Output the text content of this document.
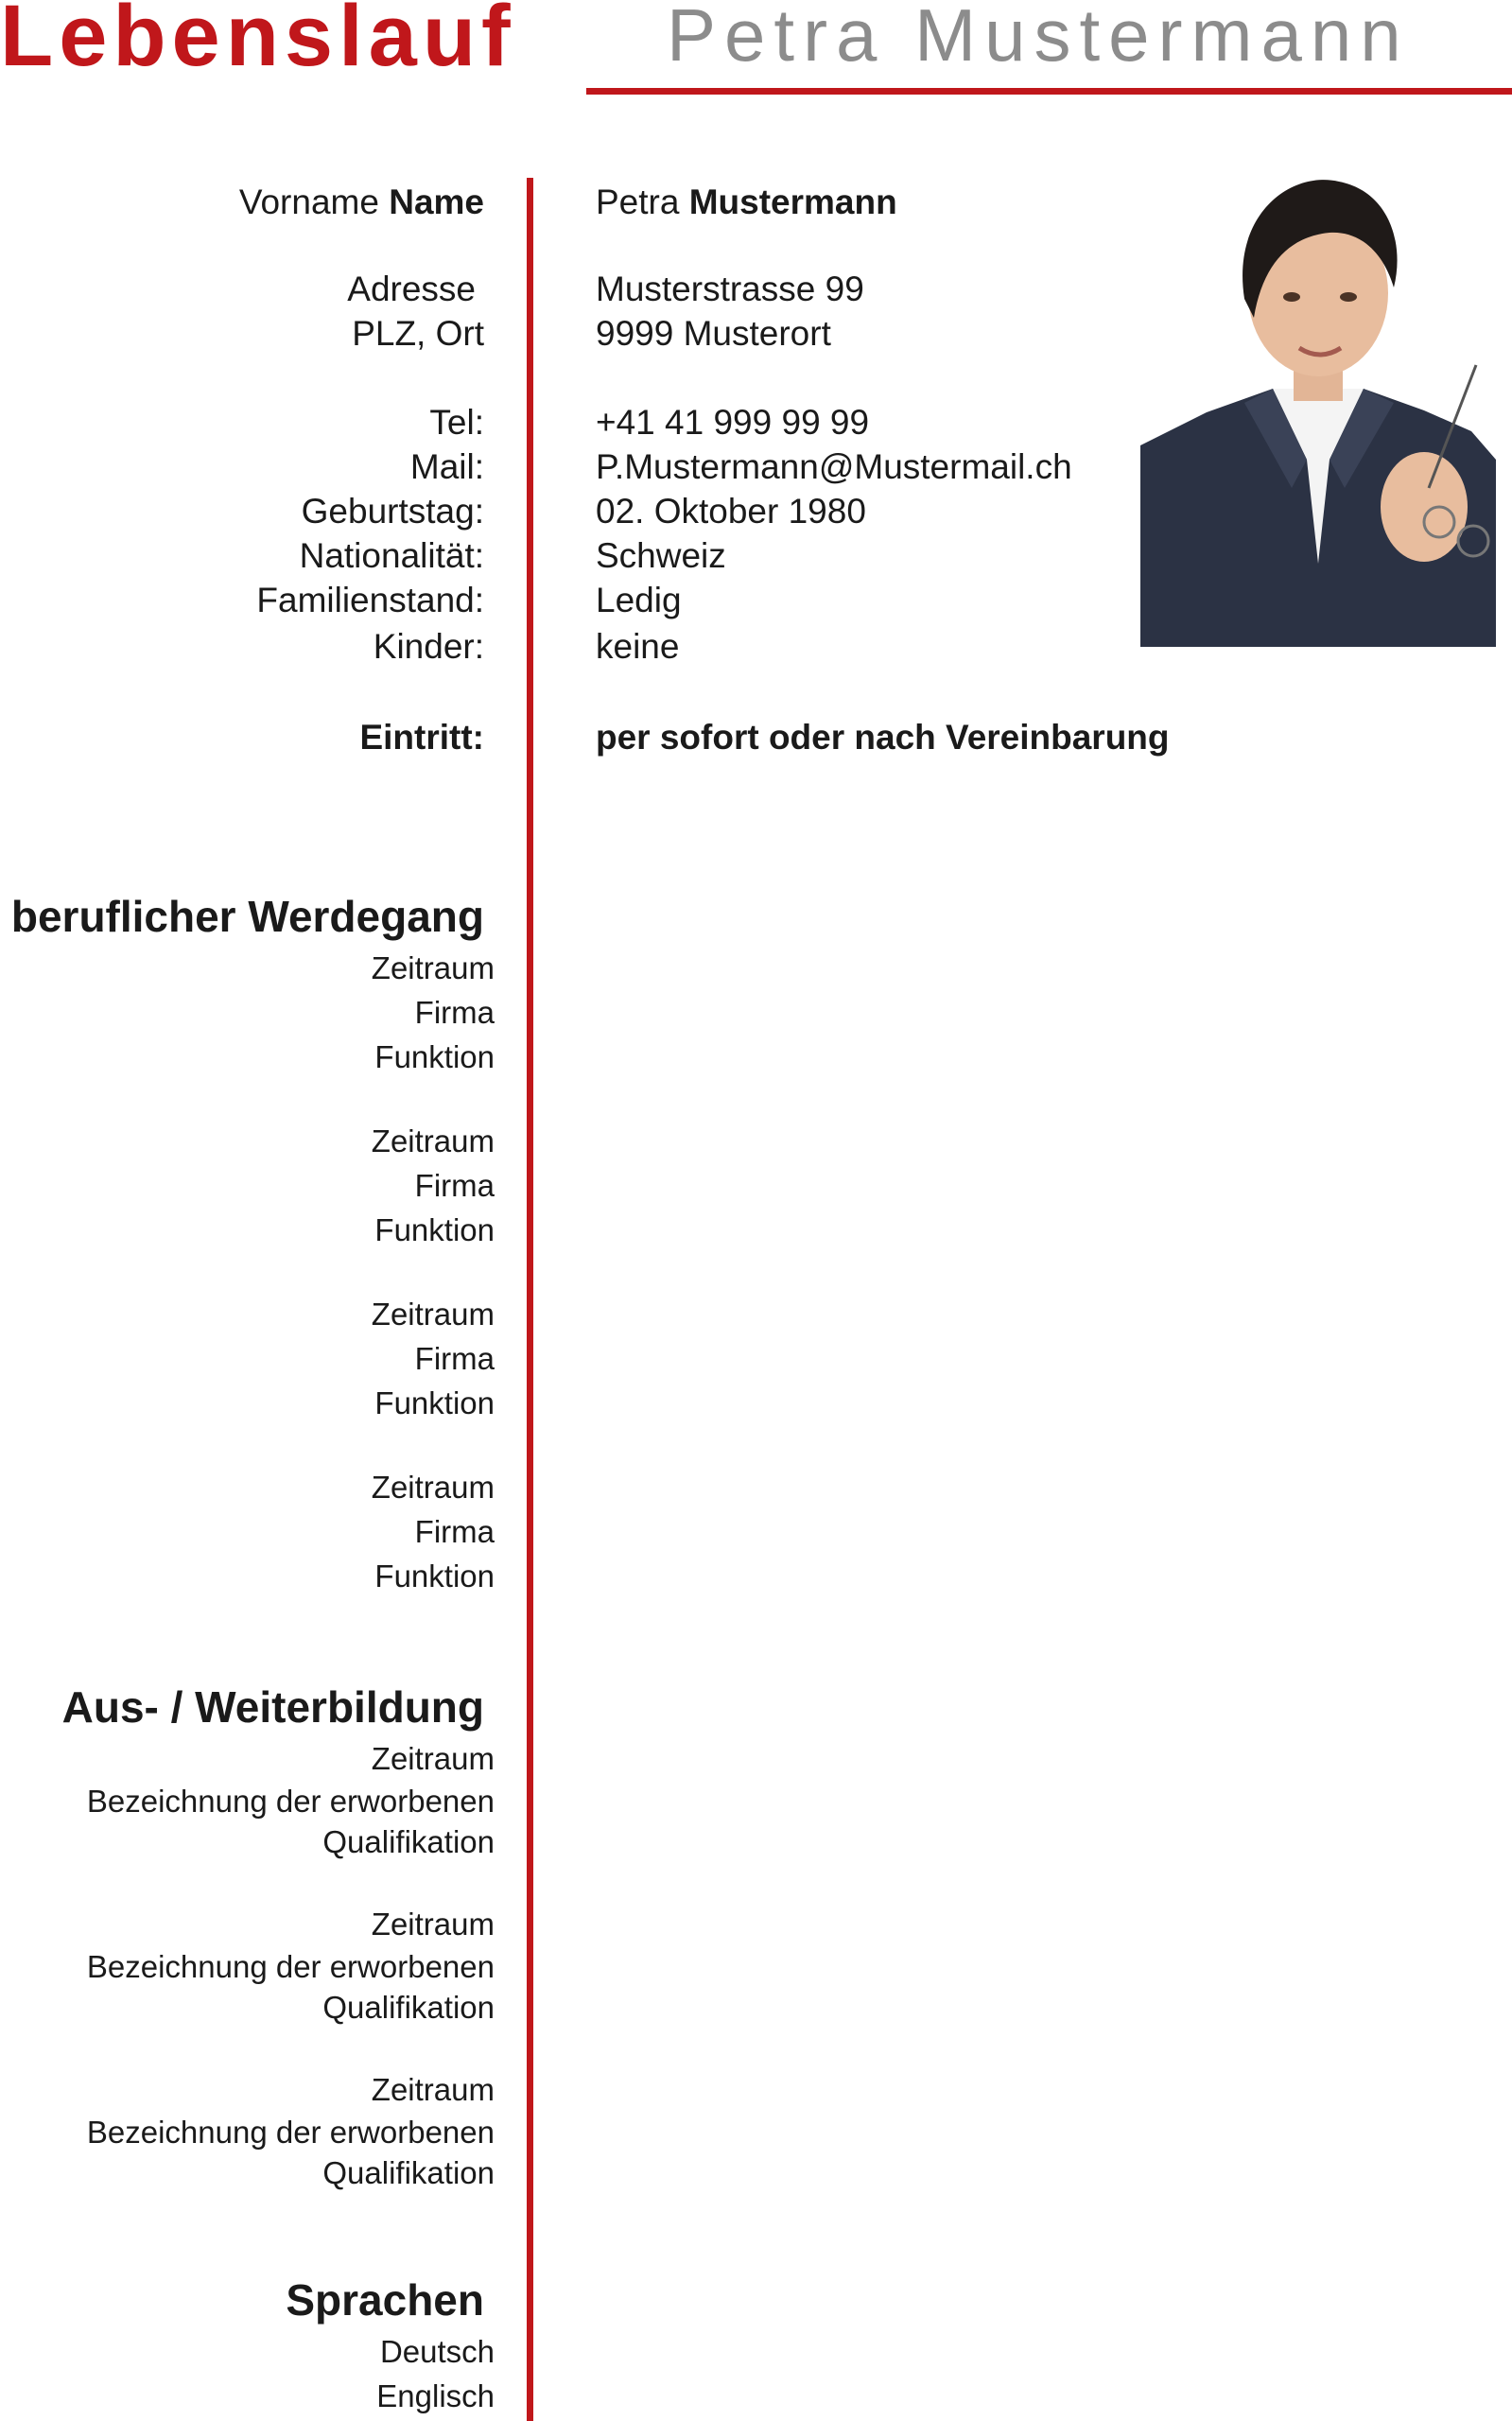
Lebenslauf Petra Mustermann
Vorname Name
Adresse
PLZ, Ort
Tel:
Mail:
Geburtstag:
Nationalität:
Familienstand:
Kinder:
Eintritt:
Petra Mustermann
Musterstrasse 99
9999 Musterort
+41 41 999 99 99
P.Mustermann@Mustermail.ch
02. Oktober 1980
Schweiz
Ledig
keine
per sofort oder nach Vereinbarung
beruflicher Werdegang
Zeitraum
Firma
Funktion
Zeitraum
Firma
Funktion
Zeitraum
Firma
Funktion
Zeitraum
Firma
Funktion
Aus- / Weiterbildung
Zeitraum
Bezeichnung der erworbenen
Qualifikation
Zeitraum
Bezeichnung der erworbenen
Qualifikation
Zeitraum
Bezeichnung der erworbenen
Qualifikation
Sprachen
Deutsch
Englisch
